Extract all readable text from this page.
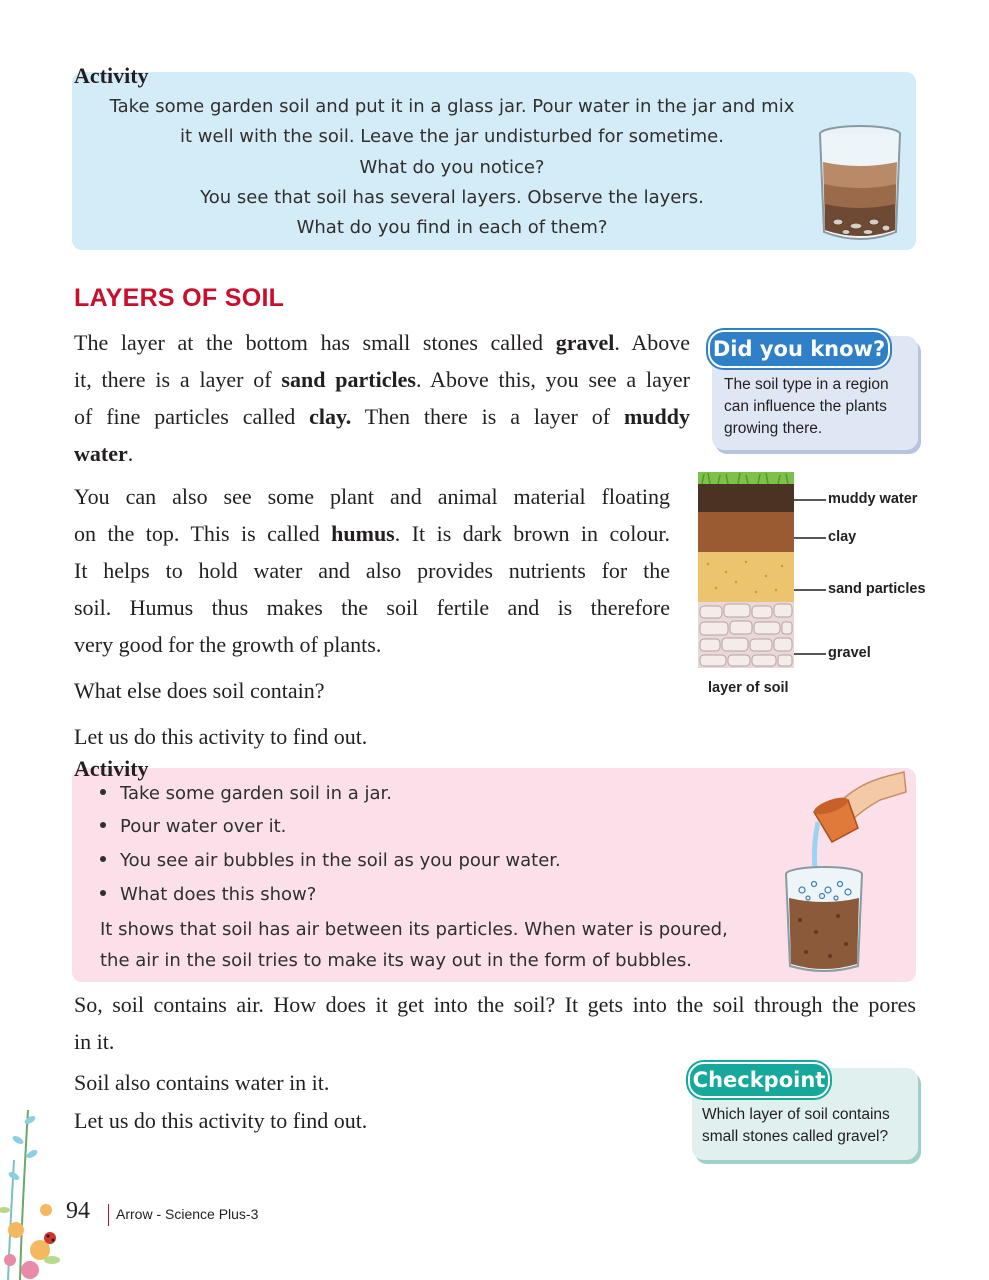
Take some garden soil and put it in a glass jar. Pour water in the jar and mix
it well with the soil. Leave the jar undisturbed for sometime.
What do you notice?
You see that soil has several layers. Observe the layers.
What do you find in each of them?
Activity
LAYERS OF SOIL
The layer at the bottom has small stones called gravel. Above
it, there is a layer of sand particles. Above this, you see a layer
of fine particles called clay. Then there is a layer of muddy
water.
Did you know?
The soil type in a region can influence the plants growing there.
You can also see some plant and animal material floating
on the top. This is called humus. It is dark brown in colour.
It helps to hold water and also provides nutrients for the
soil. Humus thus makes the soil fertile and is therefore
very good for the growth of plants.
muddy water
clay
sand particles
gravel
layer of soil
What else does soil contain?
Let us do this activity to find out.
Activity
Take some garden soil in a jar.
Pour water over it.
You see air bubbles in the soil as you pour water.
What does this show?
It shows that soil has air between its particles. When water is poured,
the air in the soil tries to make its way out in the form of bubbles.
So, soil contains air. How does it get into the soil? It gets into the soil through the pores
in it.
Soil also contains water in it.
Let us do this activity to find out.
Checkpoint
Which layer of soil contains small stones called gravel?
94 Arrow - Science Plus-3
